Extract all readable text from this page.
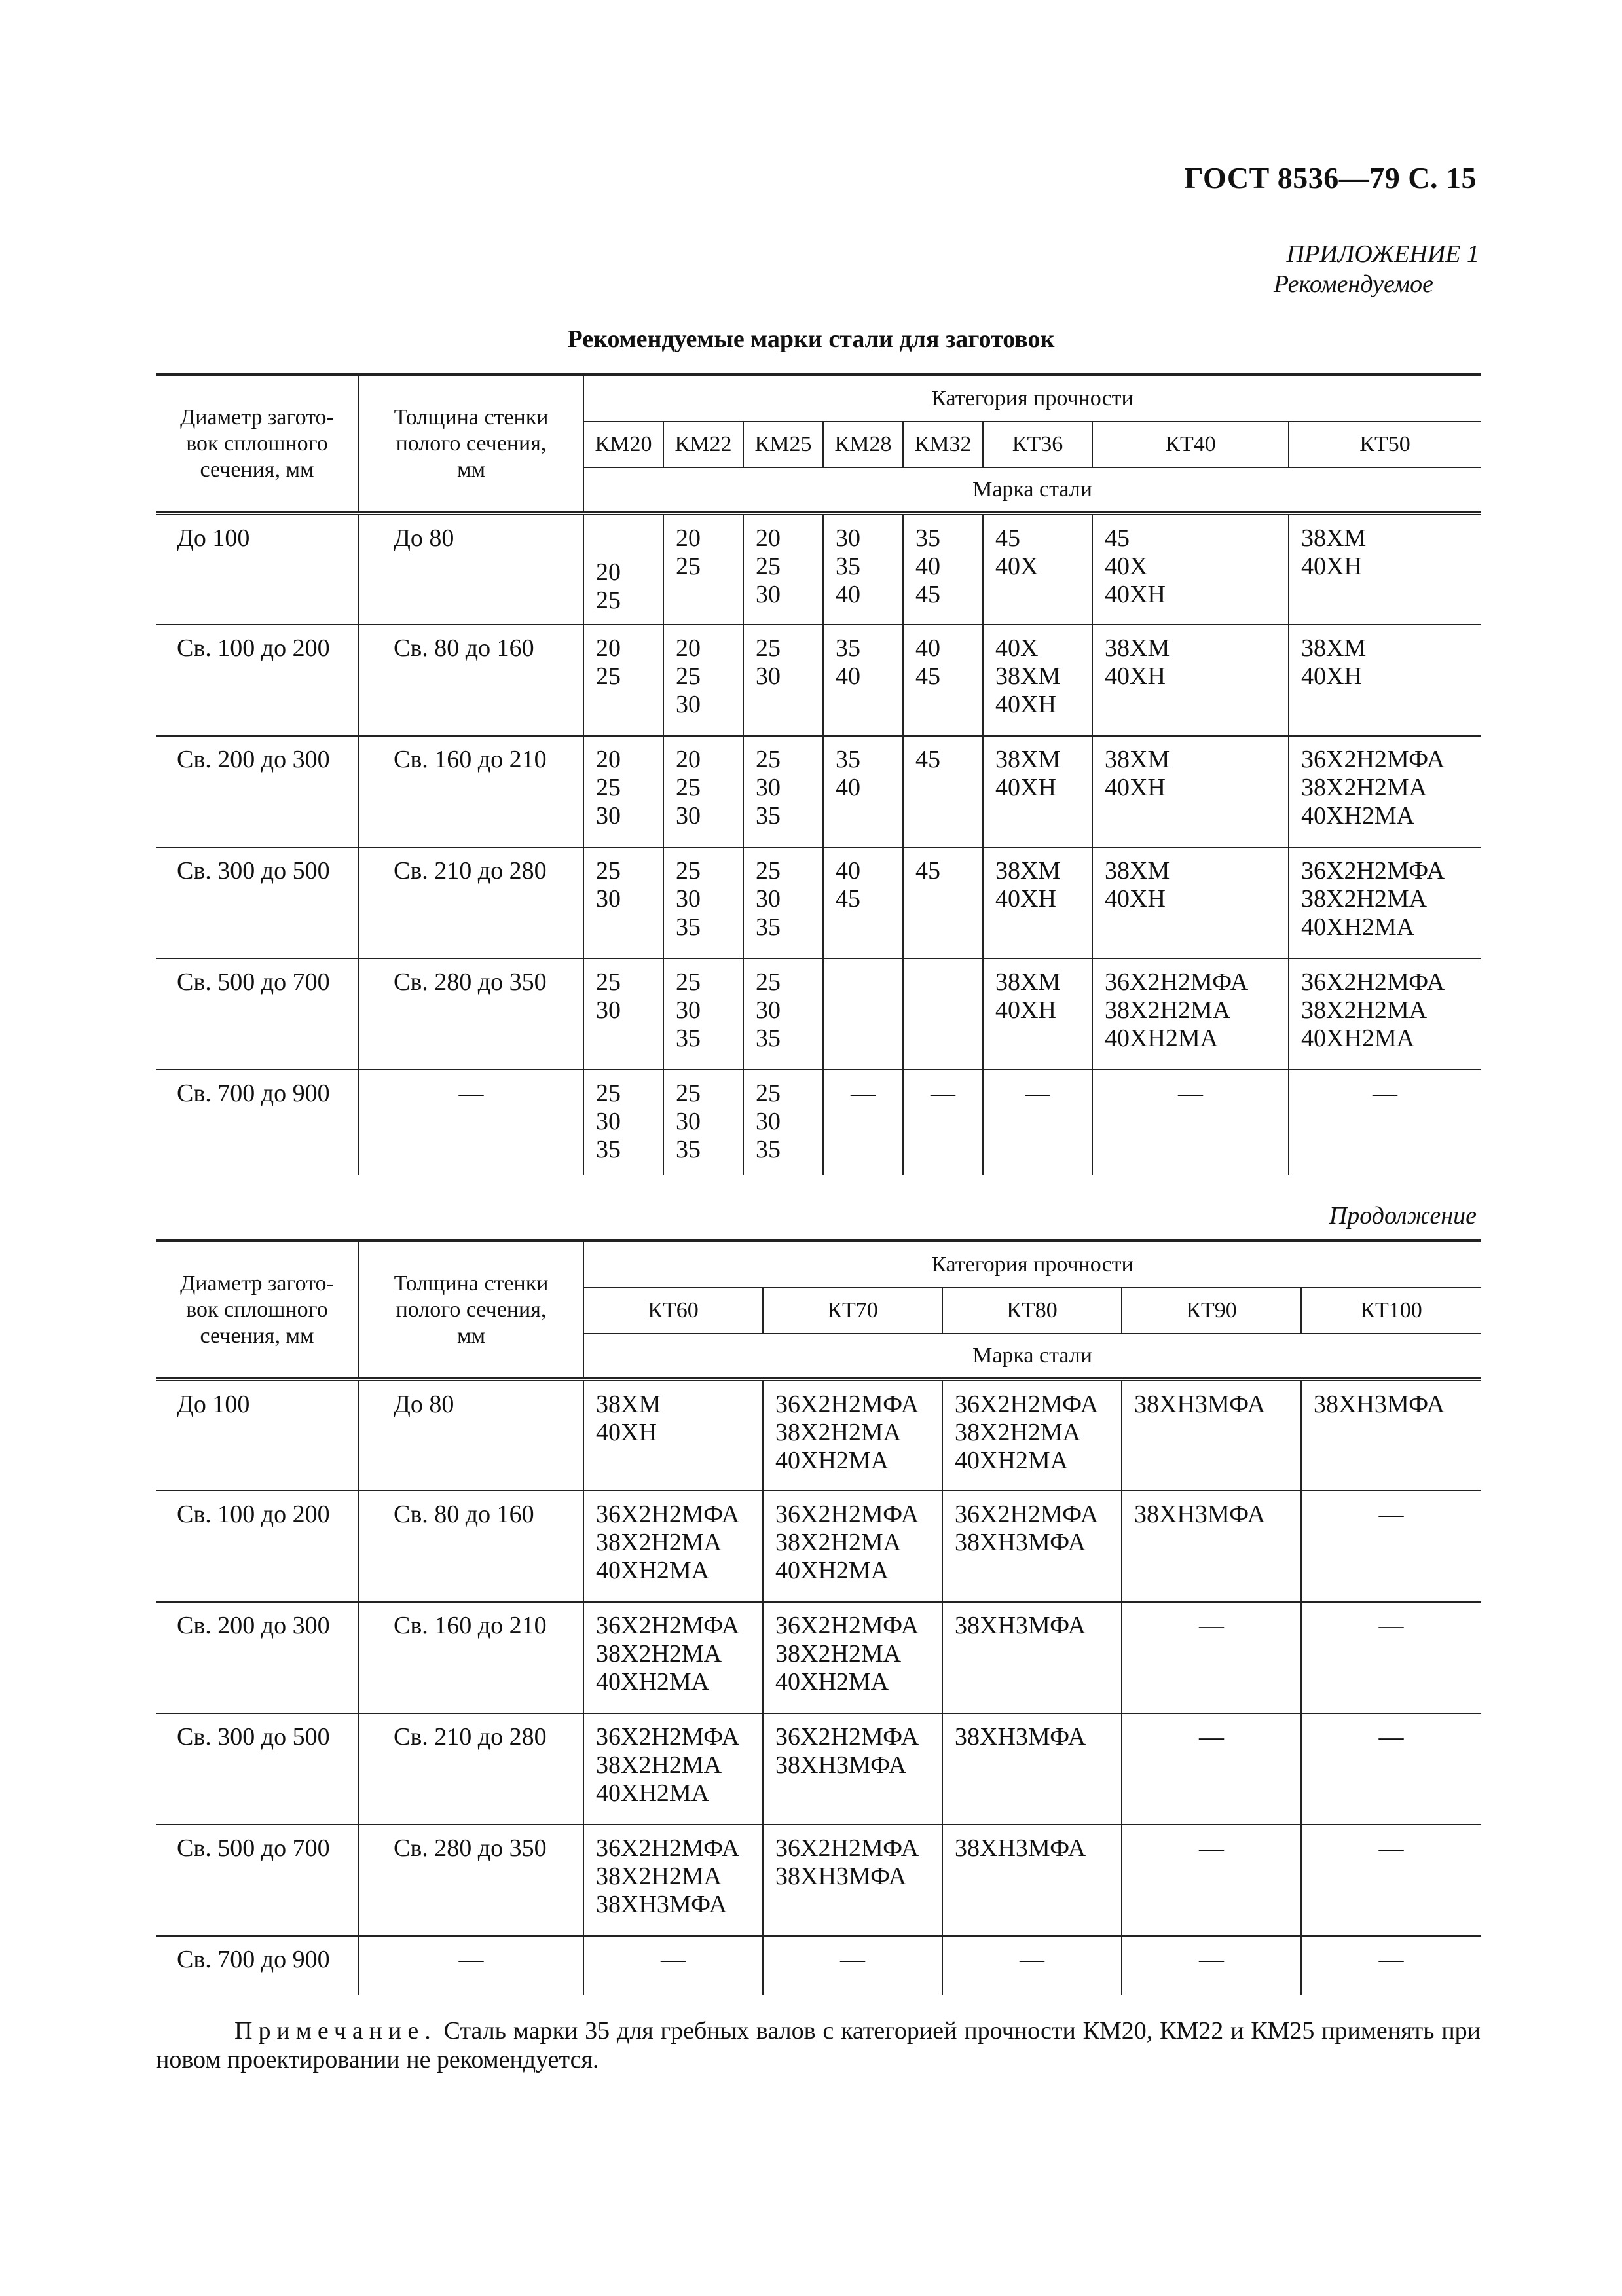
ГОСТ 8536—79 С. 15
ПРИЛОЖЕНИЕ 1
Рекомендуемое
Рекомендуемые марки стали для заготовок
Диаметр загото-
вок сплошного
сечения, мм	Толщина стенки
полого сечения,
мм	Категория прочности							
		КМ20	КМ22	КМ25	КМ28	КМ32	КТ36	КТ40	КТ50
		Марка стали							
До 100	До 80	20
25	20
25	20
25
30	30
35
40	35
40
45	45
40Х	45
40Х
40ХН	38ХМ
40ХН
Св. 100 до 200	Св. 80 до 160	20
25	20
25
30	25
30	35
40	40
45	40Х
38ХМ
40ХН	38ХМ
40ХН	38ХМ
40ХН
Св. 200 до 300	Св. 160 до 210	20
25
30	20
25
30	25
30
35	35
40	45	38ХМ
40ХН	38ХМ
40ХН	36Х2Н2МФА
38Х2Н2МА
40ХН2МА
Св. 300 до 500	Св. 210 до 280	25
30	25
30
35	25
30
35	40
45	45	38ХМ
40ХН	38ХМ
40ХН	36Х2Н2МФА
38Х2Н2МА
40ХН2МА
Св. 500 до 700	Св. 280 до 350	25
30	25
30
35	25
30
35			38ХМ
40ХН	36Х2Н2МФА
38Х2Н2МА
40ХН2МА	36Х2Н2МФА
38Х2Н2МА
40ХН2МА
Св. 700 до 900	—	25
30
35	25
30
35	25
30
35	—	—	—	—	—
Продолжение
Диаметр загото-
вок сплошного
сечения, мм	Толщина стенки
полого сечения,
мм	Категория прочности				
		КТ60	КТ70	КТ80	КТ90	КТ100
		Марка стали				
До 100	До 80	38ХМ
40ХН	36Х2Н2МФА
38Х2Н2МА
40ХН2МА	36Х2Н2МФА
38Х2Н2МА
40ХН2МА	38ХН3МФА	38ХН3МФА
Св. 100 до 200	Св. 80 до 160	36Х2Н2МФА
38Х2Н2МА
40ХН2МА	36Х2Н2МФА
38Х2Н2МА
40ХН2МА	36Х2Н2МФА
38ХН3МФА	38ХН3МФА	—
Св. 200 до 300	Св. 160 до 210	36Х2Н2МФА
38Х2Н2МА
40ХН2МА	36Х2Н2МФА
38Х2Н2МА
40ХН2МА	38ХН3МФА	—	—
Св. 300 до 500	Св. 210 до 280	36Х2Н2МФА
38Х2Н2МА
40ХН2МА	36Х2Н2МФА
38ХН3МФА	38ХН3МФА	—	—
Св. 500 до 700	Св. 280 до 350	36Х2Н2МФА
38Х2Н2МА
38ХН3МФА	36Х2Н2МФА
38ХН3МФА	38ХН3МФА	—	—
Св. 700 до 900	—	—	—	—	—	—
Примечание. Сталь марки 35 для гребных валов с категорией прочности КМ20, КМ22 и КМ25 применять при новом проектировании не рекомендуется.
